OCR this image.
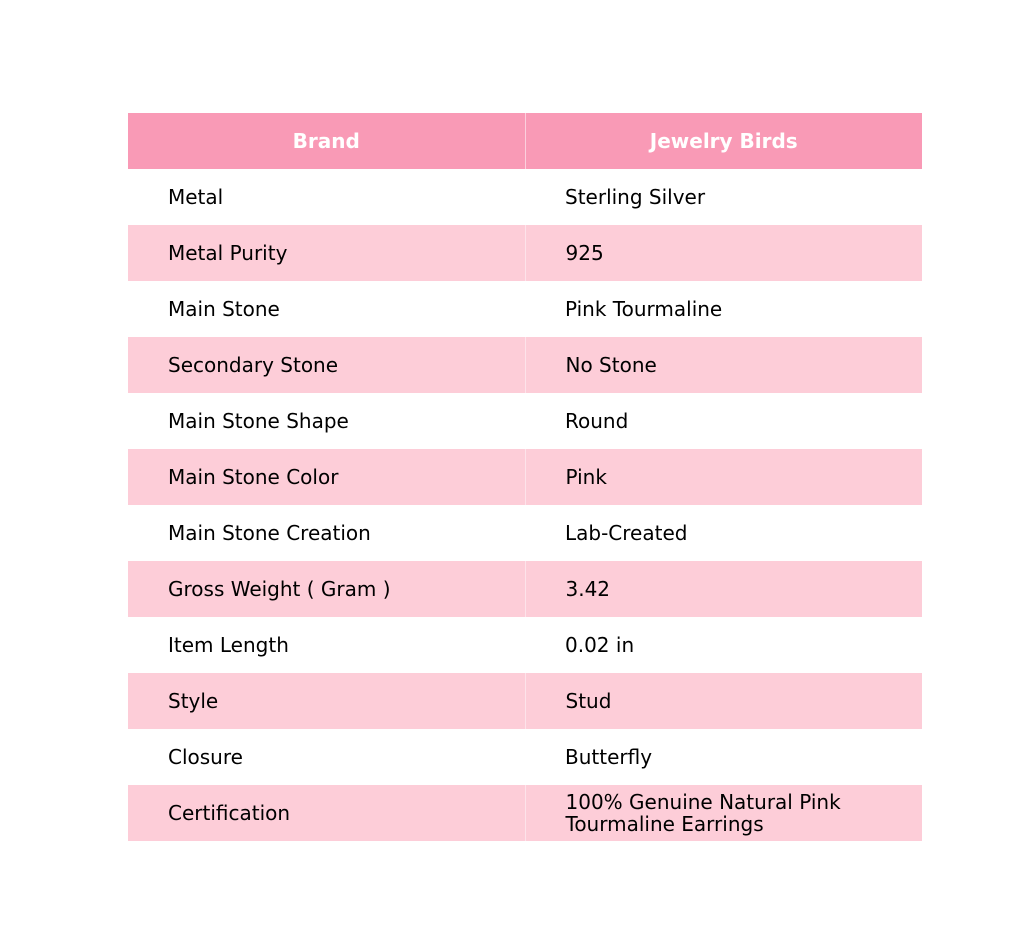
Brand	Jewelry Birds
Metal	Sterling Silver
Metal Purity	925
Main Stone	Pink Tourmaline
Secondary Stone	No Stone
Main Stone Shape	Round
Main Stone Color	Pink
Main Stone Creation	Lab-Created
Gross Weight ( Gram )	3.42
Item Length	0.02 in
Style	Stud
Closure	Butterfly
Certification	100% Genuine Natural Pink Tourmaline Earrings
